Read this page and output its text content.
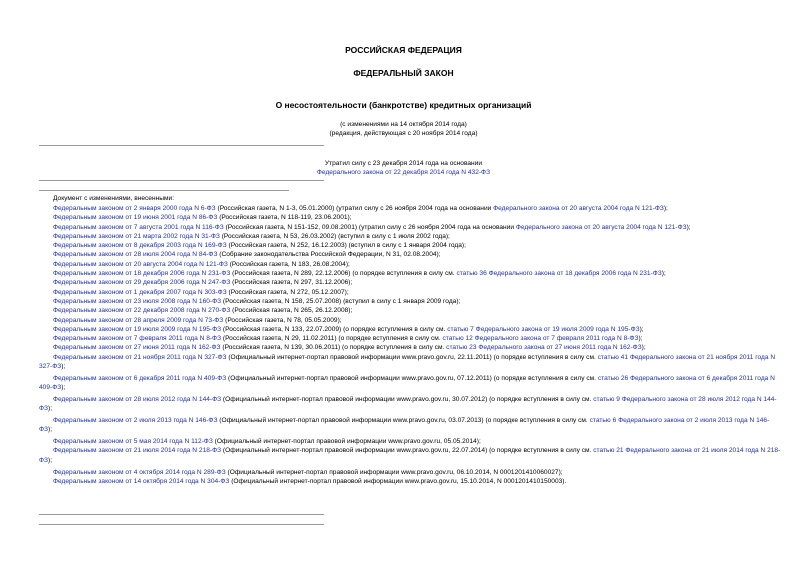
РОССИЙСКАЯ ФЕДЕРАЦИЯ
ФЕДЕРАЛЬНЫЙ ЗАКОН
О несостоятельности (банкротстве) кредитных организаций
(с изменениями на 14 октября 2014 года)
(редакция, действующая с 20 ноября 2014 года)
Утратил силу с 23 декабря 2014 года на основании
Федерального закона от 22 декабря 2014 года N 432-ФЗ
Документ с изменениями, внесенными:
Федеральным законом от 2 января 2000 года N 6-ФЗ (Российская газета, N 1-3, 05.01.2000) (утратил силу с 26 ноября 2004 года на основании Федерального закона от 20 августа 2004 года N 121-ФЗ);
Федеральным законом от 19 июня 2001 года N 86-ФЗ (Российская газета, N 118-119, 23.06.2001);
Федеральным законом от 7 августа 2001 года N 116-ФЗ (Российская газета, N 151-152, 09.08.2001) (утратил силу с 26 ноября 2004 года на основании Федерального закона от 20 августа 2004 года N 121-ФЗ);
Федеральным законом от 21 марта 2002 года N 31-ФЗ (Российская газета, N 53, 26.03.2002) (вступил в силу с 1 июля 2002 года);
Федеральным законом от 8 декабря 2003 года N 169-ФЗ (Российская газета, N 252, 16.12.2003) (вступил в силу с 1 января 2004 года);
Федеральным законом от 28 июля 2004 года N 84-ФЗ (Собрание законодательства Российской Федерации, N 31, 02.08.2004);
Федеральным законом от 20 августа 2004 года N 121-ФЗ (Российская газета, N 183, 26.08.2004);
Федеральным законом от 18 декабря 2006 года N 231-ФЗ (Российская газета, N 289, 22.12.2006) (о порядке вступления в силу см. статью 36 Федерального закона от 18 декабря 2006 года N 231-ФЗ);
Федеральным законом от 29 декабря 2006 года N 247-ФЗ (Российская газета, N 297, 31.12.2006);
Федеральным законом от 1 декабря 2007 года N 303-ФЗ (Российская газета, N 272, 05.12.2007);
Федеральным законом от 23 июля 2008 года N 160-ФЗ (Российская газета, N 158, 25.07.2008) (вступил в силу с 1 января 2009 года);
Федеральным законом от 22 декабря 2008 года N 270-ФЗ (Российская газета, N 265, 26.12.2008);
Федеральным законом от 28 апреля 2009 года N 73-ФЗ (Российская газета, N 78, 05.05.2009);
Федеральным законом от 19 июля 2009 года N 195-ФЗ (Российская газета, N 133, 22.07.2009) (о порядке вступления в силу см. статью 7 Федерального закона от 19 июля 2009 года N 195-ФЗ);
Федеральным законом от 7 февраля 2011 года N 8-ФЗ (Российская газета, N 29, 11.02.2011) (о порядке вступления в силу см. статью 12 Федерального закона от 7 февраля 2011 года N 8-ФЗ);
Федеральным законом от 27 июня 2011 года N 162-ФЗ (Российская газета, N 139, 30.06.2011) (о порядке вступления в силу см. статью 23 Федерального закона от 27 июня 2011 года N 162-ФЗ);
Федеральным законом от 21 ноября 2011 года N 327-ФЗ (Официальный интернет-портал правовой информации www.pravo.gov.ru, 22.11.2011) (о порядке вступления в силу см. статью 41 Федерального закона от 21 ноября 2011 года N 327-ФЗ);
Федеральным законом от 6 декабря 2011 года N 409-ФЗ (Официальный интернет-портал правовой информации www.pravo.gov.ru, 07.12.2011) (о порядке вступления в силу см. статью 26 Федерального закона от 6 декабря 2011 года N 409-ФЗ);
Федеральным законом от 28 июля 2012 года N 144-ФЗ (Официальный интернет-портал правовой информации www.pravo.gov.ru, 30.07.2012) (о порядке вступления в силу см. статью 9 Федерального закона от 28 июля 2012 года N 144-ФЗ);
Федеральным законом от 2 июля 2013 года N 146-ФЗ (Официальный интернет-портал правовой информации www.pravo.gov.ru, 03.07.2013) (о порядке вступления в силу см. статью 6 Федерального закона от 2 июля 2013 года N 146-ФЗ);
Федеральным законом от 5 мая 2014 года N 112-ФЗ (Официальный интернет-портал правовой информации www.pravo.gov.ru, 05.05.2014);
Федеральным законом от 21 июля 2014 года N 218-ФЗ (Официальный интернет-портал правовой информации www.pravo.gov.ru, 22.07.2014) (о порядке вступления в силу см. статью 21 Федерального закона от 21 июля 2014 года N 218-ФЗ);
Федеральным законом от 4 октября 2014 года N 289-ФЗ (Официальный интернет-портал правовой информации www.pravo.gov.ru, 06.10.2014, N 0001201410060027);
Федеральным законом от 14 октября 2014 года N 304-ФЗ (Официальный интернет-портал правовой информации www.pravo.gov.ru, 15.10.2014, N 0001201410150003).
